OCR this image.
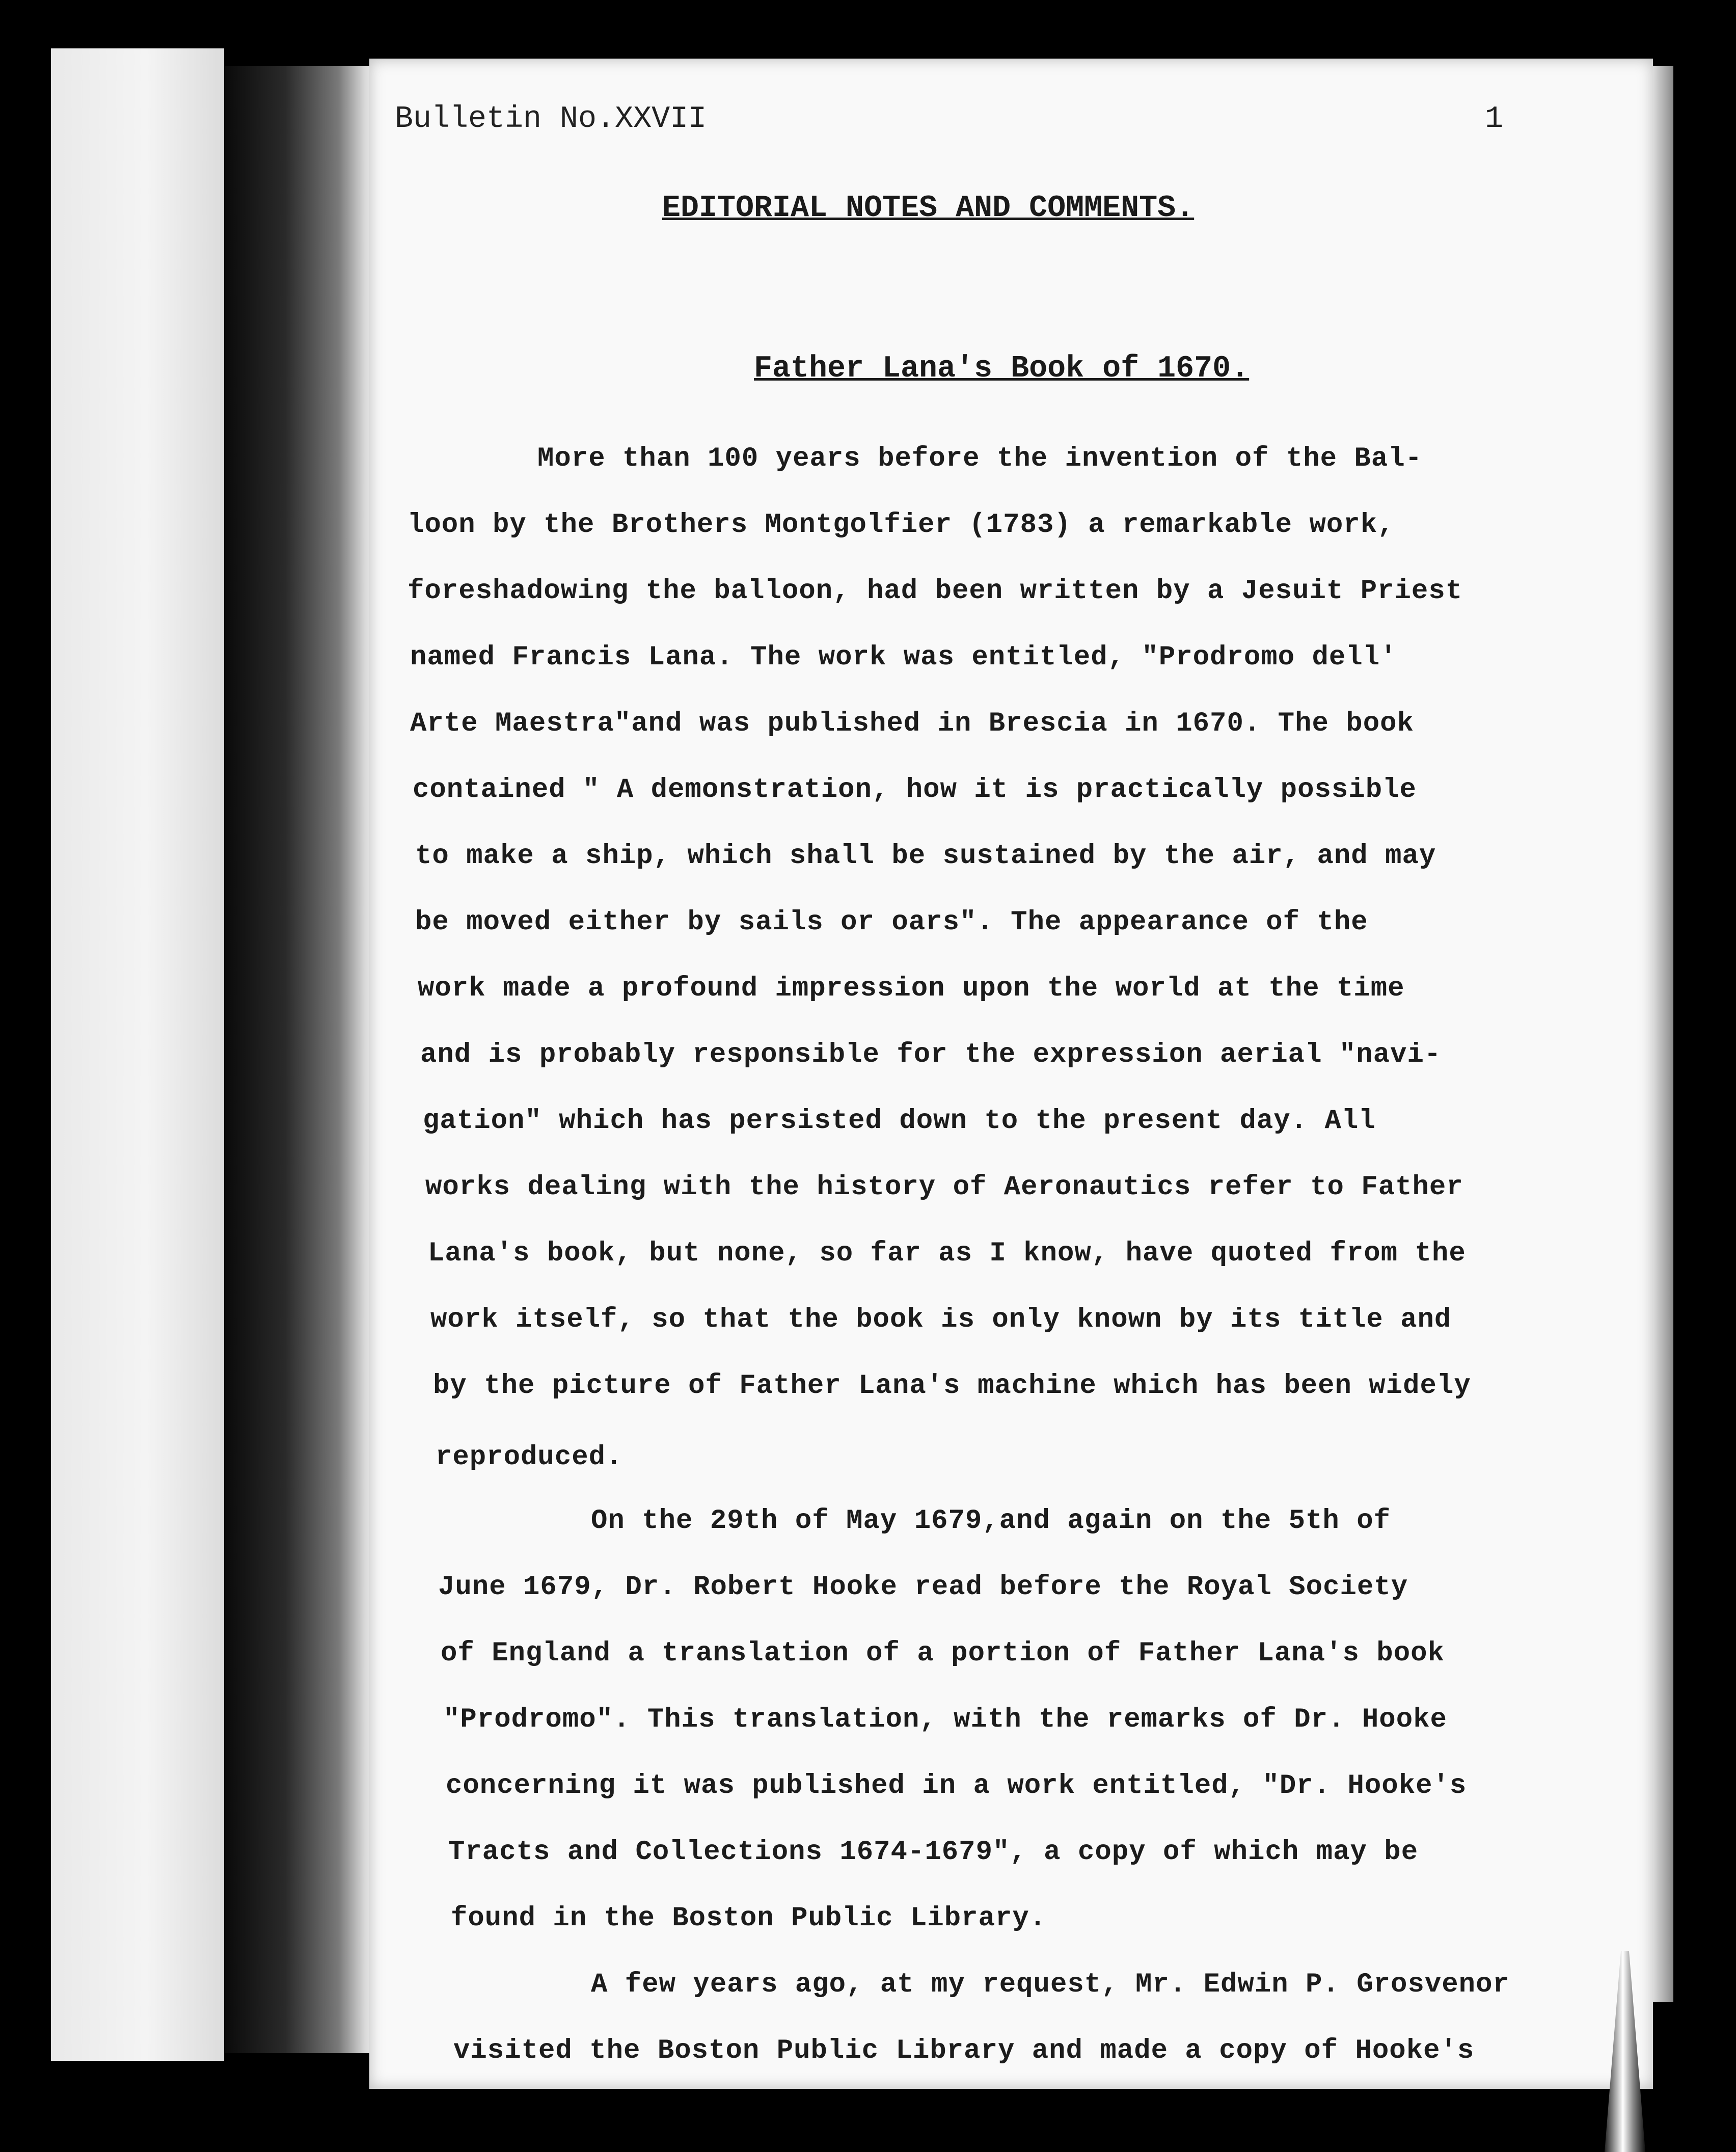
Bulletin No.XXVII	1
EDITORIAL NOTES AND COMMENTS.
Father Lana's Book of 1670.
More than 100 years before the invention of the Bal-
loon by the Brothers Montgolfier (1783) a remarkable work,
foreshadowing the balloon, had been written by a Jesuit Priest
named Francis Lana. The work was entitled, "Prodromo dell'
Arte Maestra"and was published in Brescia in 1670. The book
contained " A demonstration, how it is practically possible
to make a ship, which shall be sustained by the air, and may
be moved either by sails or oars". The appearance of the
work made a profound impression upon the world at the time
and is probably responsible for the expression aerial "navi-
gation" which has persisted down to the present day. All
works dealing with the history of Aeronautics refer to Father
Lana's book, but none, so far as I know, have quoted from the
work itself, so that the book is only known by its title and
by the picture of Father Lana's machine which has been widely
reproduced.
On the 29th of May 1679,and again on the 5th of
June 1679, Dr. Robert Hooke read before the Royal Society
of England a translation of a portion of Father Lana's book
"Prodromo". This translation, with the remarks of Dr. Hooke
concerning it was published in a work entitled, "Dr. Hooke's
Tracts and Collections 1674-1679", a copy of which may be
found in the Boston Public Library.
A few years ago, at my request, Mr. Edwin P. Grosvenor
visited the Boston Public Library and made a copy of Hooke's
